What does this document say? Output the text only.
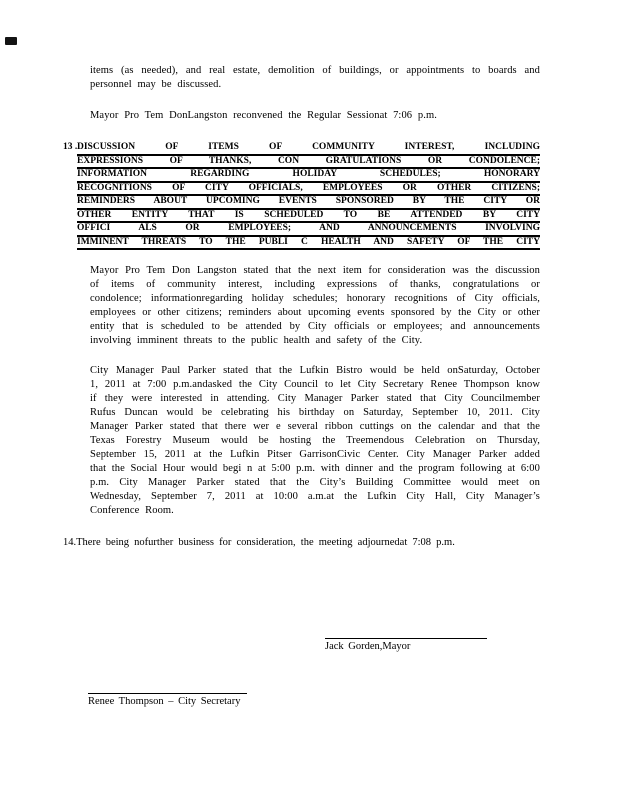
items (as needed), and real estate, demolition of buildings, or appointments to boards and
personnel may be discussed.
Mayor Pro Tem DonLangston reconvened the Regular Sessionat 7:06 p.m.
13 . DISCUSSION OF ITEMS OF COMMUNITY INTEREST, INCLUDING
EXPRESSIONS OF THANKS, CON GRATULATIONS OR CONDOLENCE;
INFORMATION REGARDING HOLIDAY SCHEDULES; HONORARY
RECOGNITIONS OF CITY OFFICIALS, EMPLOYEES OR OTHER CITIZENS;
REMINDERS ABOUT UPCOMING EVENTS SPONSORED BY THE CITY OR
OTHER ENTITY THAT IS SCHEDULED TO BE ATTENDED BY CITY
OFFICI ALS OR EMPLOYEES; AND ANNOUNCEMENTS INVOLVING
IMMINENT THREATS TO THE PUBLI C HEALTH AND SAFETY OF THE CITY
Mayor Pro Tem Don Langston stated that the next item for consideration was the discussion
of items of community interest, including expressions of thanks, congratulations or
condolence; informationregarding holiday schedules; honorary recognitions of City officials,
employees or other citizens; reminders about upcoming events sponsored by the City or other
entity that is scheduled to be attended by City officials or employees; and announcements
involving imminent threats to the public health and safety of the City.
City Manager Paul Parker stated that the Lufkin Bistro would be held onSaturday, October
1, 2011 at 7:00 p.m.andasked the City Council to let City Secretary Renee Thompson know
if they were interested in attending. City Manager Parker stated that City Councilmember
Rufus Duncan would be celebrating his birthday on Saturday, September 10, 2011. City
Manager Parker stated that there wer e several ribbon cuttings on the calendar and that the
Texas Forestry Museum would be hosting the Treemendous Celebration on Thursday,
September 15, 2011 at the Lufkin Pitser GarrisonCivic Center. City Manager Parker added
that the Social Hour would begi n at 5:00 p.m. with dinner and the program following at 6:00
p.m. City Manager Parker stated that the City’s Building Committee would meet on
Wednesday, September 7, 2011 at 10:00 a.m.at the Lufkin City Hall, City Manager’s
Conference Room.
14.There being nofurther business for consideration, the meeting adjournedat 7:08 p.m.
Jack Gorden,Mayor
Renee Thompson – City Secretary
